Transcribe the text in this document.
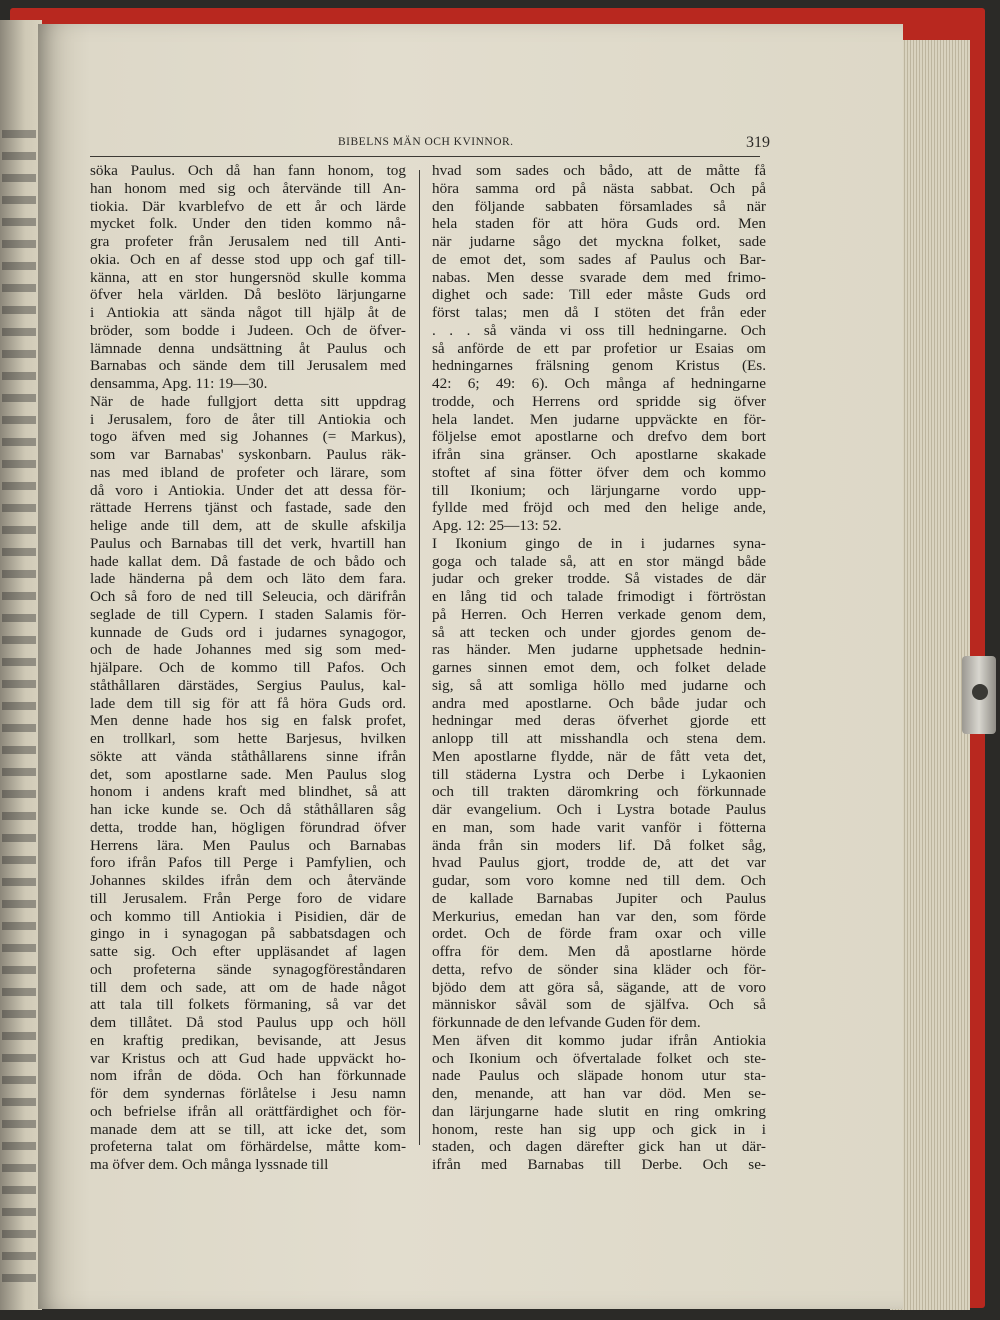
BIBELNS MÄN OCH KVINNOR.	319
söka Paulus. Och då han fann honom, tog
han honom med sig och återvände till An-
tiokia. Där kvarblefvo de ett år och lärde
mycket folk. Under den tiden kommo nå-
gra profeter från Jerusalem ned till Anti-
okia. Och en af desse stod upp och gaf till-
känna, att en stor hungersnöd skulle komma
öfver hela världen. Då beslöto lärjungarne
i Antiokia att sända något till hjälp åt de
bröder, som bodde i Judeen. Och de öfver-
lämnade denna undsättning åt Paulus och
Barnabas och sände dem till Jerusalem med
densamma, Apg. 11: 19—30.
När de hade fullgjort detta sitt uppdrag
i Jerusalem, foro de åter till Antiokia och
togo äfven med sig Johannes (= Markus),
som var Barnabas' syskonbarn. Paulus räk-
nas med ibland de profeter och lärare, som
då voro i Antiokia. Under det att dessa för-
rättade Herrens tjänst och fastade, sade den
helige ande till dem, att de skulle afskilja
Paulus och Barnabas till det verk, hvartill han
hade kallat dem. Då fastade de och bådo och
lade händerna på dem och läto dem fara.
Och så foro de ned till Seleucia, och därifrån
seglade de till Cypern. I staden Salamis för-
kunnade de Guds ord i judarnes synagogor,
och de hade Johannes med sig som med-
hjälpare. Och de kommo till Pafos. Och
ståthållaren därstädes, Sergius Paulus, kal-
lade dem till sig för att få höra Guds ord.
Men denne hade hos sig en falsk profet,
en trollkarl, som hette Barjesus, hvilken
sökte att vända ståthållarens sinne ifrån
det, som apostlarne sade. Men Paulus slog
honom i andens kraft med blindhet, så att
han icke kunde se. Och då ståthållaren såg
detta, trodde han, högligen förundrad öfver
Herrens lära. Men Paulus och Barnabas
foro ifrån Pafos till Perge i Pamfylien, och
Johannes skildes ifrån dem och återvände
till Jerusalem. Från Perge foro de vidare
och kommo till Antiokia i Pisidien, där de
gingo in i synagogan på sabbatsdagen och
satte sig. Och efter uppläsandet af lagen
och profeterna sände synagogföreståndaren
till dem och sade, att om de hade något
att tala till folkets förmaning, så var det
dem tillåtet. Då stod Paulus upp och höll
en kraftig predikan, bevisande, att Jesus
var Kristus och att Gud hade uppväckt ho-
nom ifrån de döda. Och han förkunnade
för dem syndernas förlåtelse i Jesu namn
och befrielse ifrån all orättfärdighet och för-
manade dem att se till, att icke det, som
profeterna talat om förhärdelse, måtte kom-
ma öfver dem. Och många lyssnade till
hvad som sades och bådo, att de måtte få
höra samma ord på nästa sabbat. Och på
den följande sabbaten församlades så när
hela staden för att höra Guds ord. Men
när judarne sågo det myckna folket, sade
de emot det, som sades af Paulus och Bar-
nabas. Men desse svarade dem med frimo-
dighet och sade: Till eder måste Guds ord
först talas; men då I stöten det från eder
. . . så vända vi oss till hedningarne. Och
så anförde de ett par profetior ur Esaias om
hedningarnes frälsning genom Kristus (Es.
42: 6; 49: 6). Och många af hedningarne
trodde, och Herrens ord spridde sig öfver
hela landet. Men judarne uppväckte en för-
följelse emot apostlarne och drefvo dem bort
ifrån sina gränser. Och apostlarne skakade
stoftet af sina fötter öfver dem och kommo
till Ikonium; och lärjungarne vordo upp-
fyllde med fröjd och med den helige ande,
Apg. 12: 25—13: 52.
I Ikonium gingo de in i judarnes syna-
goga och talade så, att en stor mängd både
judar och greker trodde. Så vistades de där
en lång tid och talade frimodigt i förtröstan
på Herren. Och Herren verkade genom dem,
så att tecken och under gjordes genom de-
ras händer. Men judarne upphetsade hednin-
garnes sinnen emot dem, och folket delade
sig, så att somliga höllo med judarne och
andra med apostlarne. Och både judar och
hedningar med deras öfverhet gjorde ett
anlopp till att misshandla och stena dem.
Men apostlarne flydde, när de fått veta det,
till städerna Lystra och Derbe i Lykaonien
och till trakten däromkring och förkunnade
där evangelium. Och i Lystra botade Paulus
en man, som hade varit vanför i fötterna
ända från sin moders lif. Då folket såg,
hvad Paulus gjort, trodde de, att det var
gudar, som voro komne ned till dem. Och
de kallade Barnabas Jupiter och Paulus
Merkurius, emedan han var den, som förde
ordet. Och de förde fram oxar och ville
offra för dem. Men då apostlarne hörde
detta, refvo de sönder sina kläder och för-
bjödo dem att göra så, sägande, att de voro
människor såväl som de själfva. Och så
förkunnade de den lefvande Guden för dem.
Men äfven dit kommo judar ifrån Antiokia
och Ikonium och öfvertalade folket och ste-
nade Paulus och släpade honom utur sta-
den, menande, att han var död. Men se-
dan lärjungarne hade slutit en ring omkring
honom, reste han sig upp och gick in i
staden, och dagen därefter gick han ut där-
ifrån med Barnabas till Derbe. Och se-
